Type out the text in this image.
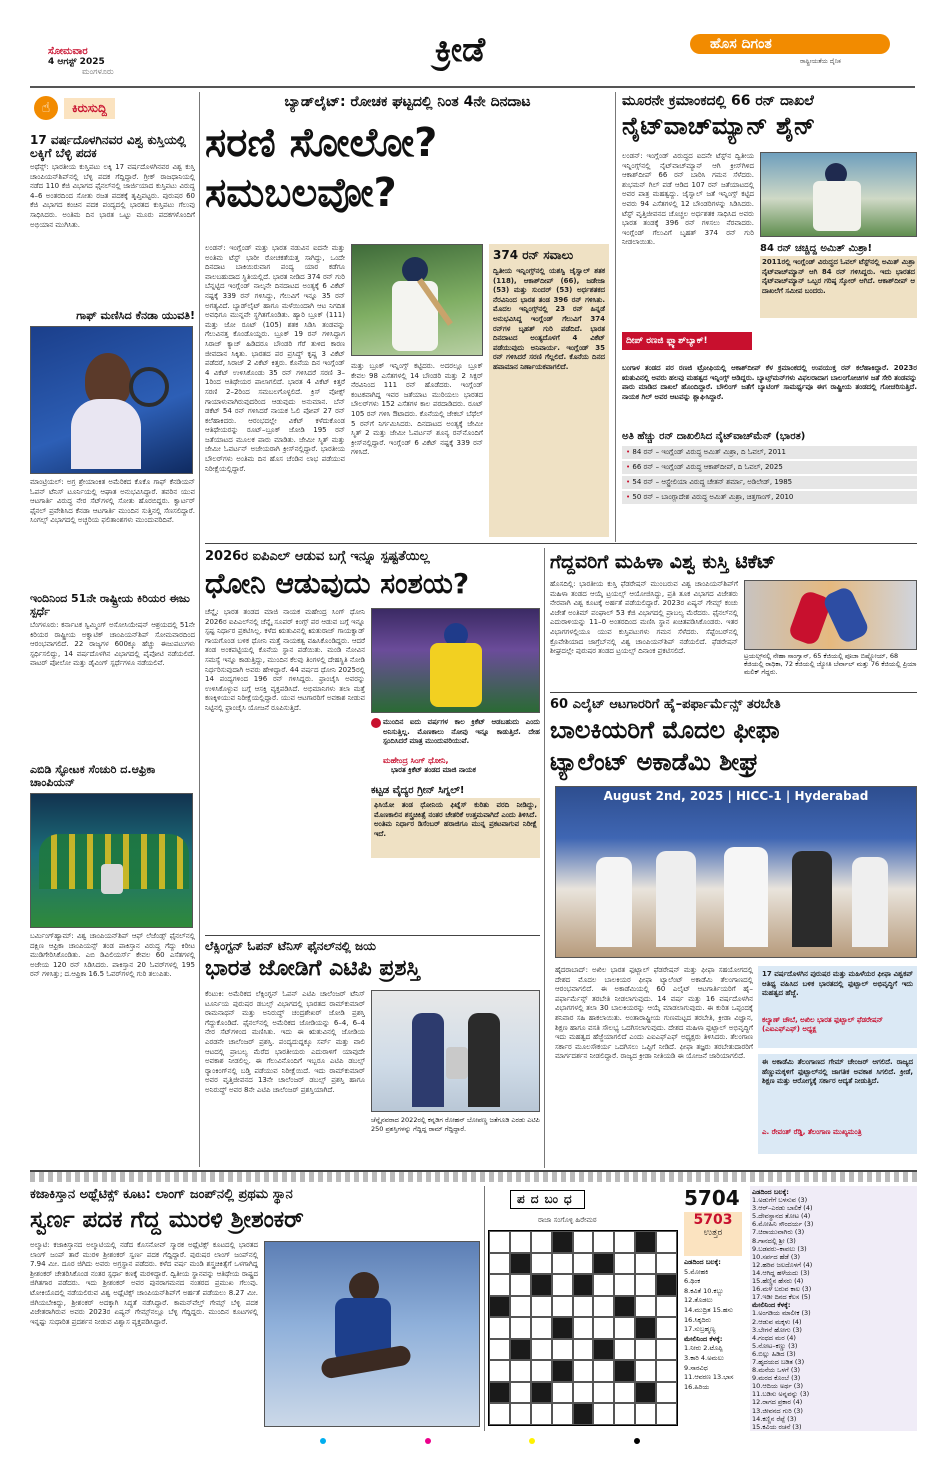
ಸೋಮವಾರ
4 ಆಗಸ್ಟ್ 2025
ಮಂಗಳೂರು
ಕ್ರೀಡೆ	ಹೊಸ ದಿಗಂತ
ರಾಷ್ಟ್ರೀಯತೆಯ ದೈನಿಕ
☝	ಕಿರುಸುದ್ದಿ
17 ವರ್ಷದೊಳಗಿನವರ ವಿಶ್ವ ಕುಸ್ತಿಯಲ್ಲಿ ಲಕ್ಕಿಗೆ ಬೆಳ್ಳಿ ಪದಕ
ಅಥೆನ್ಸ್: ಭಾರತೀಯ ಕುಸ್ತಿಪಟು ಲಕ್ಕಿ 17 ವರ್ಷದೊಳಗಿನವರ ವಿಶ್ವ ಕುಸ್ತಿ ಚಾಂಪಿಯನ್‌ಶಿಪ್‌ನಲ್ಲಿ ಬೆಳ್ಳಿ ಪದಕ ಗೆದ್ದಿದ್ದಾರೆ. ಗ್ರೀಕ್ ರಾಜಧಾನಿಯಲ್ಲಿ ನಡೆದ 110 ಕೆಜಿ ವಿಭಾಗದ ಫೈನಲ್‌ನಲ್ಲಿ ಜಾರ್ಜಿಯಾದ ಕುಸ್ತಿಪಟು ವಿರುದ್ಧ 4–6 ಅಂತರದಿಂದ ಸೋತು ರಜತ ಪದಕಕ್ಕೆ ತೃಪ್ತಿಪಟ್ಟರು. ಪುರುಷರ 60 ಕೆಜಿ ವಿಭಾಗದ ಕಂಚಿನ ಪದಕ ಪಂದ್ಯದಲ್ಲಿ ಭಾರತದ ಕುಸ್ತಿಪಟು ಗೆಲುವು ಸಾಧಿಸಿದರು. ಅಂತಿಮ ದಿನ ಭಾರತ ಒಟ್ಟು ಮೂರು ಪದಕಗಳೊಂದಿಗೆ ಅಭಿಯಾನ ಮುಗಿಸಿತು.
ಗಾಫ್ ಮಣಿಸಿದ ಕೆನಡಾ ಯುವತಿ!
ಮಾಂಟ್ರಿಯಲ್: ಅಗ್ರ ಶ್ರೇಯಾಂಕಿತ ಅಮೆರಿಕದ ಕೊಕೊ ಗಾಫ್ ಕೆನಡಿಯನ್ ಓಪನ್ ಟೆನಿಸ್ ಟೂರ್ನಿಯಲ್ಲಿ ಆಘಾತ ಅನುಭವಿಸಿದ್ದಾರೆ. ತವರಿನ ಯುವ ಆಟಗಾರ್ತಿ ವಿರುದ್ಧ ನೇರ ಸೆಟ್‌ಗಳಲ್ಲಿ ಸೋತು ಹೊರಬಿದ್ದರು. ಕ್ವಾರ್ಟರ್ ಫೈನಲ್ ಪ್ರವೇಶಿಸಿದ ಕೆನಡಾ ಆಟಗಾರ್ತಿ ಮುಂದಿನ ಸುತ್ತಿನಲ್ಲಿ ಸೆಣಸಲಿದ್ದಾರೆ. ಸಿಂಗಲ್ಸ್ ವಿಭಾಗದಲ್ಲಿ ಅಚ್ಚರಿಯ ಫಲಿತಾಂಶಗಳು ಮುಂದುವರಿದಿವೆ.
ಇಂದಿನಿಂದ 51ನೇ ರಾಷ್ಟ್ರೀಯ ಕಿರಿಯರ ಈಜು ಸ್ಪರ್ಧೆ
ಬೆಂಗಳೂರು: ಕರ್ನಾಟಕ ಸ್ವಿಮ್ಮಿಂಗ್ ಅಸೋಸಿಯೇಷನ್ ಆಶ್ರಯದಲ್ಲಿ 51ನೇ ಕಿರಿಯರ ರಾಷ್ಟ್ರೀಯ ಅಕ್ವಾಟಿಕ್ ಚಾಂಪಿಯನ್‌ಶಿಪ್ ಸೋಮವಾರದಿಂದ ಆರಂಭವಾಗಲಿದೆ. 22 ರಾಜ್ಯಗಳ 600ಕ್ಕೂ ಹೆಚ್ಚು ಈಜುಪಟುಗಳು ಸ್ಪರ್ಧಿಸಲಿದ್ದು, 14 ವರ್ಷದೊಳಗಿನ ವಿಭಾಗದಲ್ಲಿ ಪೈಪೋಟಿ ನಡೆಯಲಿದೆ. ವಾಟರ್ ಪೋಲೋ ಮತ್ತು ಡೈವಿಂಗ್ ಸ್ಪರ್ಧೆಗಳೂ ನಡೆಯಲಿವೆ.
ಎಬಿಡಿ ಸ್ಫೋಟಕ ಸೆಂಚುರಿ ದ.ಆಫ್ರಿಕಾ ಚಾಂಪಿಯನ್
ಬರ್ಮಿಂಗ್‌ಹ್ಯಾಮ್: ವಿಶ್ವ ಚಾಂಪಿಯನ್‌ಶಿಪ್ ಆಫ್ ಲೆಜೆಂಡ್ಸ್ ಫೈನಲ್‌ನಲ್ಲಿ ದಕ್ಷಿಣ ಆಫ್ರಿಕಾ ಚಾಂಪಿಯನ್ಸ್ ತಂಡ ಪಾಕಿಸ್ತಾನ ವಿರುದ್ಧ ಗೆದ್ದು ಕಿರೀಟ ಮುಡಿಗೇರಿಸಿಕೊಂಡಿತು. ಎಬಿ ಡಿವಿಲಿಯರ್ಸ್ ಕೇವಲ 60 ಎಸೆತಗಳಲ್ಲಿ ಅಜೇಯ 120 ರನ್ ಸಿಡಿಸಿದರು. ಪಾಕಿಸ್ತಾನ 20 ಓವರ್‌ಗಳಲ್ಲಿ 195 ರನ್ ಗಳಿಸಿತ್ತು; ದ.ಆಫ್ರಿಕಾ 16.5 ಓವರ್‌ಗಳಲ್ಲಿ ಗುರಿ ತಲುಪಿತು.
ಬ್ಯಾಡ್‌ಲೈಟ್: ರೋಚಕ ಘಟ್ಟದಲ್ಲಿ ನಿಂತ 4ನೇ ದಿನದಾಟ
ಸರಣಿ ಸೋಲೋ?
ಸಮಬಲವೋ?
ಲಂಡನ್: ಇಂಗ್ಲೆಂಡ್ ಮತ್ತು ಭಾರತ ನಡುವಿನ ಐದನೇ ಮತ್ತು ಅಂತಿಮ ಟೆಸ್ಟ್ ಭಾರೀ ರೋಚಕತೆಯತ್ತ ಸಾಗಿದ್ದು, ಒಂದೇ ದಿನದಾಟ ಬಾಕಿಯಿರುವಾಗ ಪಂದ್ಯ ಯಾರ ಕಡೆಗೂ ವಾಲಬಹುದಾದ ಸ್ಥಿತಿಯಲ್ಲಿದೆ. ಭಾರತ ನೀಡಿದ 374 ರನ್ ಗುರಿ ಬೆನ್ನಟ್ಟಿದ ಇಂಗ್ಲೆಂಡ್ ನಾಲ್ಕನೇ ದಿನದಾಟದ ಅಂತ್ಯಕ್ಕೆ 6 ವಿಕೆಟ್ ನಷ್ಟಕ್ಕೆ 339 ರನ್ ಗಳಿಸಿದ್ದು, ಗೆಲುವಿಗೆ ಇನ್ನೂ 35 ರನ್ ಅಗತ್ಯವಿದೆ. ಬ್ಯಾಡ್‌ಲೈಟ್ ಹಾಗೂ ಮಳೆಯಿಂದಾಗಿ ಆಟ ನಿಗದಿತ ಅವಧಿಗೂ ಮುನ್ನವೇ ಸ್ಥಗಿತಗೊಂಡಿತು. ಹ್ಯಾರಿ ಬ್ರೂಕ್ (111) ಮತ್ತು ಜೋ ರೂಟ್ (105) ಶತಕ ಸಿಡಿಸಿ ತಂಡವನ್ನು ಗೆಲುವಿನತ್ತ ಕೊಂಡೊಯ್ದರು. ಬ್ರೂಕ್ 19 ರನ್ ಗಳಿಸಿದ್ದಾಗ ಸಿರಾಜ್ ಕ್ಯಾಚ್ ಹಿಡಿದರೂ ಬೌಂಡರಿ ಗೆರೆ ತುಳಿದ ಕಾರಣ ಜೀವದಾನ ಸಿಕ್ಕಿತು. ಭಾರತದ ಪರ ಪ್ರಸಿದ್ಧ್ ಕೃಷ್ಣ 3 ವಿಕೆಟ್ ಪಡೆದರೆ, ಸಿರಾಜ್ 2 ವಿಕೆಟ್ ಕಿತ್ತರು. ಕೊನೆಯ ದಿನ ಇಂಗ್ಲೆಂಡ್ 4 ವಿಕೆಟ್ ಉಳಿಸಿಕೊಂಡು 35 ರನ್ ಗಳಿಸಿದರೆ ಸರಣಿ 3–1ರಿಂದ ಆತಿಥೇಯರ ಪಾಲಾಗಲಿದೆ. ಭಾರತ 4 ವಿಕೆಟ್ ಕಿತ್ತರೆ ಸರಣಿ 2–2ರಿಂದ ಸಮಬಲಗೊಳ್ಳಲಿದೆ. ಕ್ರಿಸ್ ವೋಕ್ಸ್ ಗಾಯಾಳುವಾಗಿರುವುದರಿಂದ ಆಡುವುದು ಅನುಮಾನ. ಬೆನ್ ಡಕೆಟ್ 54 ರನ್ ಗಳಿಸಿದರೆ ನಾಯಕ ಓಲಿ ಪೋಪ್ 27 ರನ್ ಕಲೆಹಾಕಿದರು. ಆರಂಭದಲ್ಲೇ ವಿಕೆಟ್ ಕಳೆದುಕೊಂಡ ಆತಿಥೇಯರನ್ನು ರೂಟ್–ಬ್ರೂಕ್ ಜೋಡಿ 195 ರನ್ ಜತೆಯಾಟದ ಮೂಲಕ ಪಾರು ಮಾಡಿತು. ಜೇಮೀ ಸ್ಮಿತ್ ಮತ್ತು ಜೇಮೀ ಓವರ್ಟನ್ ಅಜೇಯರಾಗಿ ಕ್ರೀಸ್‌ನಲ್ಲಿದ್ದಾರೆ. ಭಾರತೀಯ ಬೌಲರ್‌ಗಳು ಅಂತಿಮ ದಿನ ಹೊಸ ಚೆಂಡಿನ ಲಾಭ ಪಡೆಯುವ ನಿರೀಕ್ಷೆಯಲ್ಲಿದ್ದಾರೆ.
ಮತ್ತು ಬ್ರೂಕ್ ಇನ್ನಿಂಗ್ಸ್ ಕಟ್ಟಿದರು. ಅದರಲ್ಲೂ ಬ್ರೂಕ್ ಕೇವಲ 98 ಎಸೆತಗಳಲ್ಲಿ 14 ಬೌಂಡರಿ ಮತ್ತು 2 ಸಿಕ್ಸರ್ ನೆರವಿನಿಂದ 111 ರನ್ ಹೊಡೆದರು. ಇಂಗ್ಲೆಂಡ್ ಕಂಟಕವಾಗಿದ್ದ ಇವರ ಜತೆಯಾಟ ಮುರಿಯಲು ಭಾರತದ ಬೌಲರ್‌ಗಳು 152 ಎಸೆತಗಳ ಕಾಲ ಪರದಾಡಿದರು. ರೂಟ್ 105 ರನ್ ಗಳಿಸಿ ಔಟಾದರು. ಕೊನೆಯಲ್ಲಿ ಜೇಕಬ್ ಬೆಥೆಲ್ 5 ರನ್‌ಗೆ ನಿರ್ಗಮಿಸಿದರು. ದಿನದಾಟದ ಅಂತ್ಯಕ್ಕೆ ಜೇಮೀ ಸ್ಮಿತ್ 2 ಮತ್ತು ಜೇಮೀ ಓವರ್ಟನ್ ಶೂನ್ಯ ರನ್‌ನೊಂದಿಗೆ ಕ್ರೀಸ್‌ನಲ್ಲಿದ್ದಾರೆ. ಇಂಗ್ಲೆಂಡ್ 6 ವಿಕೆಟ್ ನಷ್ಟಕ್ಕೆ 339 ರನ್ ಗಳಿಸಿದೆ.
374 ರನ್ ಸವಾಲು
ದ್ವಿತೀಯ ಇನ್ನಿಂಗ್ಸ್‌ನಲ್ಲಿ ಯಶಸ್ವಿ ಜೈಸ್ವಾಲ್ ಶತಕ (118), ಆಕಾಶ್‌ದೀಪ್ (66), ಜಡೇಜಾ (53) ಮತ್ತು ಸುಂದರ್ (53) ಅರ್ಧಶತಕದ ನೆರವಿನಿಂದ ಭಾರತ ತಂಡ 396 ರನ್ ಗಳಿಸಿತು. ಮೊದಲ ಇನ್ನಿಂಗ್ಸ್‌ನಲ್ಲಿ 23 ರನ್ ಹಿನ್ನಡೆ ಅನುಭವಿಸಿದ್ದ ಇಂಗ್ಲೆಂಡ್ ಗೆಲುವಿಗೆ 374 ರನ್‌ಗಳ ಬೃಹತ್ ಗುರಿ ಪಡೆದಿದೆ. ಭಾರತ ದಿನದಾಟದ ಅಂತ್ಯದೊಳಗೆ 4 ವಿಕೆಟ್ ಪಡೆಯುವುದು ಅನಿವಾರ್ಯ. ಇಂಗ್ಲೆಂಡ್ 35 ರನ್ ಗಳಿಸಿದರೆ ಸರಣಿ ಗೆಲ್ಲಲಿದೆ. ಕೊನೆಯ ದಿನದ ಹವಾಮಾನ ನಿರ್ಣಾಯಕವಾಗಲಿದೆ.
ಮೂರನೇ ಕ್ರಮಾಂಕದಲ್ಲಿ 66 ರನ್ ದಾಖಲೆ
ನೈಟ್‌ವಾಚ್‌ಮ್ಯಾನ್ ಶೈನ್
ಲಂಡನ್: ಇಂಗ್ಲೆಂಡ್ ವಿರುದ್ಧದ ಐದನೇ ಟೆಸ್ಟ್‌ನ ದ್ವಿತೀಯ ಇನ್ನಿಂಗ್ಸ್‌ನಲ್ಲಿ ನೈಟ್‌ವಾಚ್‌ಮ್ಯಾನ್ ಆಗಿ ಕ್ರೀಸ್‌ಗಿಳಿದ ಆಕಾಶ್‌ದೀಪ್ 66 ರನ್ ಬಾರಿಸಿ ಗಮನ ಸೆಳೆದರು. ಶುಭಮನ್ ಗಿಲ್ ಪಡೆ ಆಡಿದ 107 ರನ್ ಜತೆಯಾಟದಲ್ಲಿ ಅವರ ಪಾತ್ರ ಮಹತ್ವದ್ದು. ಜೈಸ್ವಾಲ್ ಜತೆ ಇನ್ನಿಂಗ್ಸ್ ಕಟ್ಟಿದ ಅವರು 94 ಎಸೆತಗಳಲ್ಲಿ 12 ಬೌಂಡರಿಗಳನ್ನು ಸಿಡಿಸಿದರು. ಟೆಸ್ಟ್ ವೃತ್ತಿಜೀವನದ ಚೊಚ್ಚಲ ಅರ್ಧಶತಕ ಸಾಧಿಸಿದ ಅವರು ಭಾರತ ತಂಡಕ್ಕೆ 396 ರನ್ ಗಳಿಸಲು ನೆರವಾದರು. ಇಂಗ್ಲೆಂಡ್ ಗೆಲುವಿಗೆ ಬೃಹತ್ 374 ರನ್ ಗುರಿ ನೀಡಲಾಯಿತು.
84 ರನ್ ಚಚ್ಚಿದ್ದ ಅಮಿತ್ ಮಿಶ್ರಾ!
2011ರಲ್ಲಿ ಇಂಗ್ಲೆಂಡ್ ವಿರುದ್ಧದ ಓವಲ್ ಟೆಸ್ಟ್‌ನಲ್ಲಿ ಅಮಿತ್ ಮಿಶ್ರಾ ನೈಟ್‌ವಾಚ್‌ಮ್ಯಾನ್ ಆಗಿ 84 ರನ್ ಗಳಿಸಿದ್ದರು. ಇದು ಭಾರತದ ನೈಟ್‌ವಾಚ್‌ಮ್ಯಾನ್ ಒಬ್ಬರ ಗರಿಷ್ಠ ಸ್ಕೋರ್ ಆಗಿದೆ. ಆಕಾಶ್‌ದೀಪ್ ಆ ದಾಖಲೆಗೆ ಸಮೀಪ ಬಂದರು.
ದೀಪ್ ರಣಜಿ ಫ್ಲ್ಯಾಶ್‌ಬ್ಯಾಕ್!
ಬಂಗಾಳ ತಂಡದ ಪರ ರಣಜಿ ಟ್ರೋಫಿಯಲ್ಲಿ ಆಕಾಶ್‌ದೀಪ್ ಕೆಳ ಕ್ರಮಾಂಕದಲ್ಲಿ ಉಪಯುಕ್ತ ರನ್ ಕಲೆಹಾಕಿದ್ದಾರೆ. 2023ರ ಋತುವಿನಲ್ಲಿ ಅವರು ಹಲವು ಮಹತ್ವದ ಇನ್ನಿಂಗ್ಸ್ ಆಡಿದ್ದರು. ಬ್ಯಾಟ್ಸ್‌ಮನ್‌ಗಳು ವಿಫಲರಾದಾಗ ಬಾಲಂಗೋಚಿಗಳ ಜತೆ ಸೇರಿ ತಂಡವನ್ನು ಪಾರು ಮಾಡಿದ ದಾಖಲೆ ಹೊಂದಿದ್ದಾರೆ. ಬೌಲಿಂಗ್ ಜತೆಗೆ ಬ್ಯಾಟಿಂಗ್ ಸಾಮರ್ಥ್ಯವೂ ಈಗ ರಾಷ್ಟ್ರೀಯ ತಂಡದಲ್ಲಿ ಗೋಚರಿಸುತ್ತಿದೆ. ನಾಯಕ ಗಿಲ್ ಅವರ ಆಟವನ್ನು ಶ್ಲಾಘಿಸಿದ್ದಾರೆ.
ಅತಿ ಹೆಚ್ಚು ರನ್ ದಾಖಲಿಸಿದ ನೈಟ್‌ವಾಚ್‌ಮೆನ್ (ಭಾರತ)
• 84 ರನ್ – ಇಂಗ್ಲೆಂಡ್ ವಿರುದ್ಧ ಅಮಿತ್ ಮಿಶ್ರಾ, ದಿ ಓವಲ್, 2011
• 66 ರನ್ – ಇಂಗ್ಲೆಂಡ್ ವಿರುದ್ಧ ಆಕಾಶ್‌ದೀಪ್, ದಿ ಓವಲ್, 2025
• 54 ರನ್ – ಆಸ್ಟ್ರೇಲಿಯಾ ವಿರುದ್ಧ ಚೇತನ್ ಶರ್ಮಾ, ಅಡಿಲೇಡ್, 1985
• 50 ರನ್ – ಬಾಂಗ್ಲಾದೇಶ ವಿರುದ್ಧ ಅಮಿತ್ ಮಿಶ್ರಾ, ಚಿತ್ತಗಾಂಗ್, 2010
2026ರ ಐಪಿಎಲ್ ಆಡುವ ಬಗ್ಗೆ ಇನ್ನೂ ಸ್ಪಷ್ಟತೆಯಿಲ್ಲ
ಧೋನಿ ಆಡುವುದು ಸಂಶಯ?
ಚೆನ್ನೈ: ಭಾರತ ತಂಡದ ಮಾಜಿ ನಾಯಕ ಮಹೇಂದ್ರ ಸಿಂಗ್ ಧೋನಿ 2026ರ ಐಪಿಎಲ್‌ನಲ್ಲಿ ಚೆನ್ನೈ ಸೂಪರ್ ಕಿಂಗ್ಸ್ ಪರ ಆಡುವ ಬಗ್ಗೆ ಇನ್ನೂ ಸ್ಪಷ್ಟ ನಿರ್ಧಾರ ಪ್ರಕಟಿಸಿಲ್ಲ. ಕಳೆದ ಋತುವಿನಲ್ಲಿ ಋತುರಾಜ್ ಗಾಯಕ್ವಾಡ್ ಗಾಯಗೊಂಡ ಬಳಿಕ ಧೋನಿ ಮತ್ತೆ ನಾಯಕತ್ವ ವಹಿಸಿಕೊಂಡಿದ್ದರು. ಆದರೆ ತಂಡ ಅಂಕಪಟ್ಟಿಯಲ್ಲಿ ಕೊನೆಯ ಸ್ಥಾನ ಪಡೆಯಿತು. ಮಂಡಿ ನೋವಿನ ಸಮಸ್ಯೆ ಇನ್ನೂ ಕಾಡುತ್ತಿದ್ದು, ಮುಂದಿನ ಕೆಲವು ತಿಂಗಳಲ್ಲಿ ದೇಹಸ್ಥಿತಿ ನೋಡಿ ನಿರ್ಧರಿಸುವುದಾಗಿ ಅವರು ಹೇಳಿದ್ದಾರೆ. 44 ವರ್ಷದ ಧೋನಿ 2025ರಲ್ಲಿ 14 ಪಂದ್ಯಗಳಿಂದ 196 ರನ್ ಗಳಿಸಿದ್ದರು. ಫ್ರಾಂಚೈಸಿ ಅವರನ್ನು ಉಳಿಸಿಕೊಳ್ಳುವ ಬಗ್ಗೆ ಆಸಕ್ತಿ ವ್ಯಕ್ತಪಡಿಸಿದೆ. ಅಭಿಮಾನಿಗಳು ತಲಾ ಮತ್ತೆ ಕಣಕ್ಕಿಳಿಯುವ ನಿರೀಕ್ಷೆಯಲ್ಲಿದ್ದಾರೆ. ಯುವ ಆಟಗಾರರಿಗೆ ಅವಕಾಶ ನೀಡುವ ನಿಟ್ಟಿನಲ್ಲಿ ಫ್ರಾಂಚೈಸಿ ಯೋಜನೆ ರೂಪಿಸುತ್ತಿದೆ.
ಮುಂದಿನ ಐದು ವರ್ಷಗಳ ಕಾಲ ಕ್ರಿಕೆಟ್ ಆಡಬಹುದು ಎಂದು ಅನಿಸುತ್ತಿಲ್ಲ. ಮೊಣಕಾಲು ನೋವು ಇನ್ನೂ ಕಾಡುತ್ತಿದೆ. ದೇಹ ಸ್ಪಂದಿಸಿದರೆ ಮಾತ್ರ ಮುಂದುವರಿಯುವೆ.
ಮಹೇಂದ್ರ ಸಿಂಗ್ ಧೋನಿ,
ಭಾರತ ಕ್ರಿಕೆಟ್ ತಂಡದ ಮಾಜಿ ನಾಯಕ
ಕಟ್ಟಡ ವೈದ್ಯರ ಗ್ರೀನ್ ಸಿಗ್ನಲ್!
ಫಿಸಿಯೋ ತಂಡ ಧೋನಿಯ ಫಿಟ್ನೆಸ್ ಕುರಿತು ವರದಿ ನೀಡಿದ್ದು, ಮೊಣಕಾಲಿನ ಶಸ್ತ್ರಚಿಕಿತ್ಸೆ ನಂತರ ಚೇತರಿಕೆ ಉತ್ತಮವಾಗಿದೆ ಎಂದು ತಿಳಿಸಿದೆ. ಅಂತಿಮ ನಿರ್ಧಾರ ಡಿಸೆಂಬರ್ ಹರಾಜಿಗೂ ಮುನ್ನ ಪ್ರಕಟವಾಗುವ ನಿರೀಕ್ಷೆ ಇದೆ.
ಗೆದ್ದವರಿಗೆ ಮಹಿಳಾ ವಿಶ್ವ ಕುಸ್ತಿ ಟಿಕೆಟ್
ಹೊಸದಿಲ್ಲಿ: ಭಾರತೀಯ ಕುಸ್ತಿ ಫೆಡರೇಷನ್ ಮುಂಬರುವ ವಿಶ್ವ ಚಾಂಪಿಯನ್‌ಶಿಪ್‌ಗೆ ಮಹಿಳಾ ತಂಡದ ಆಯ್ಕೆ ಟ್ರಯಲ್ಸ್ ಆಯೋಜಿಸಿದ್ದು, ಪ್ರತಿ ತೂಕ ವಿಭಾಗದ ವಿಜೇತರು ನೇರವಾಗಿ ವಿಶ್ವ ಕೂಟಕ್ಕೆ ಅರ್ಹತೆ ಪಡೆಯಲಿದ್ದಾರೆ. 2023ರ ಏಷ್ಯನ್ ಗೇಮ್ಸ್ ಕಂಚು ವಿಜೇತೆ ಅಂತಿಮ್ ಪಂಘಾಲ್ 53 ಕೆಜಿ ವಿಭಾಗದಲ್ಲಿ ಪ್ರಾಬಲ್ಯ ಮೆರೆದರು. ಫೈನಲ್‌ನಲ್ಲಿ ಎದುರಾಳಿಯನ್ನು 11–0 ಅಂತರದಿಂದ ಮಣಿಸಿ ಸ್ಥಾನ ಖಚಿತಪಡಿಸಿಕೊಂಡರು. ಇತರ ವಿಭಾಗಗಳಲ್ಲಿಯೂ ಯುವ ಕುಸ್ತಿಪಟುಗಳು ಗಮನ ಸೆಳೆದರು. ಸೆಪ್ಟೆಂಬರ್‌ನಲ್ಲಿ ಕ್ರೊವೇಶಿಯಾದ ಜಾಗ್ರೆಬ್‌ನಲ್ಲಿ ವಿಶ್ವ ಚಾಂಪಿಯನ್‌ಶಿಪ್ ನಡೆಯಲಿದೆ. ಫೆಡರೇಷನ್ ಶೀಘ್ರದಲ್ಲೇ ಪುರುಷರ ತಂಡದ ಟ್ರಯಲ್ಸ್ ದಿನಾಂಕ ಪ್ರಕಟಿಸಲಿದೆ.
ಟ್ರಯಲ್ಸ್‌ನಲ್ಲಿ ನೇಹಾ ಸಾಂಗ್ವಾನ್, 65 ಕೆಜಿಯಲ್ಲಿ ಪೂಜಾ ಬಿಷ್ಣೋಯ್, 68 ಕೆಜಿಯಲ್ಲಿ ರಾಧಿಕಾ, 72 ಕೆಜಿಯಲ್ಲಿ ಜ್ಯೋತಿ ಬೆರ್ವಾಲ್ ಮತ್ತು 76 ಕೆಜಿಯಲ್ಲಿ ಪ್ರಿಯಾ ಮಲಿಕ್ ಗೆದ್ದರು.
60 ಎಲೈಟ್ ಆಟಗಾರರಿಗೆ ಹೈ–ಪರ್ಫಾರ್ಮೆನ್ಸ್ ತರಬೇತಿ
ಬಾಲಕಿಯರಿಗೆ ಮೊದಲ ಫೀಫಾ
ಟ್ಯಾಲೆಂಟ್ ಅಕಾಡೆಮಿ ಶೀಘ್ರ
August 2nd, 2025 | HICC-1 | Hyderabad
ಹೈದರಾಬಾದ್: ಅಖಿಲ ಭಾರತ ಫುಟ್ಬಾಲ್ ಫೆಡರೇಷನ್ ಮತ್ತು ಫೀಫಾ ಸಹಯೋಗದಲ್ಲಿ ದೇಶದ ಮೊದಲ ಬಾಲಕಿಯರ ಫೀಫಾ ಟ್ಯಾಲೆಂಟ್ ಅಕಾಡೆಮಿ ತೆಲಂಗಾಣದಲ್ಲಿ ಆರಂಭವಾಗಲಿದೆ. ಈ ಅಕಾಡೆಮಿಯಲ್ಲಿ 60 ಎಲೈಟ್ ಆಟಗಾರ್ತಿಯರಿಗೆ ಹೈ–ಪರ್ಫಾರ್ಮೆನ್ಸ್ ತರಬೇತಿ ನೀಡಲಾಗುವುದು. 14 ವರ್ಷ ಮತ್ತು 16 ವರ್ಷದೊಳಗಿನ ವಿಭಾಗಗಳಲ್ಲಿ ತಲಾ 30 ಬಾಲಕಿಯರನ್ನು ಆಯ್ಕೆ ಮಾಡಲಾಗುವುದು. ಈ ಕುರಿತ ಒಪ್ಪಂದಕ್ಕೆ ಶನಿವಾರ ಸಹಿ ಹಾಕಲಾಯಿತು. ಅಂತಾರಾಷ್ಟ್ರೀಯ ಗುಣಮಟ್ಟದ ತರಬೇತಿ, ಕ್ರೀಡಾ ವಿಜ್ಞಾನ, ಶಿಕ್ಷಣ ಹಾಗೂ ವಸತಿ ಸೌಲಭ್ಯ ಒದಗಿಸಲಾಗುವುದು. ದೇಶದ ಮಹಿಳಾ ಫುಟ್ಬಾಲ್ ಅಭಿವೃದ್ಧಿಗೆ ಇದು ಮಹತ್ವದ ಹೆಜ್ಜೆಯಾಗಲಿದೆ ಎಂದು ಎಐಎಫ್‌ಎಫ್ ಅಧ್ಯಕ್ಷರು ತಿಳಿಸಿದರು. ತೆಲಂಗಾಣ ಸರ್ಕಾರ ಮೂಲಸೌಕರ್ಯ ಒದಗಿಸಲು ಒಪ್ಪಿಗೆ ನೀಡಿದೆ. ಫೀಫಾ ತಜ್ಞರು ತರಬೇತುದಾರರಿಗೆ ಮಾರ್ಗದರ್ಶನ ನೀಡಲಿದ್ದಾರೆ. ರಾಜ್ಯದ ಕ್ರೀಡಾ ನೀತಿಯಡಿ ಈ ಯೋಜನೆ ಜಾರಿಯಾಗಲಿದೆ.
17 ವರ್ಷದೊಳಗಿನ ಪುರುಷರ ಮತ್ತು ಮಹಿಳೆಯರ ಫೀಫಾ ವಿಶ್ವಕಪ್ ಆತಿಥ್ಯ ವಹಿಸಿದ ಬಳಿಕ ಭಾರತದಲ್ಲಿ ಫುಟ್ಬಾಲ್ ಅಭಿವೃದ್ಧಿಗೆ ಇದು ಮಹತ್ವದ ಹೆಜ್ಜೆ.
ಕಲ್ಯಾಣ್ ಚೌಬೆ, ಅಖಿಲ ಭಾರತ ಫುಟ್ಬಾಲ್ ಫೆಡರೇಷನ್ (ಎಐಎಫ್‌ಎಫ್) ಅಧ್ಯಕ್ಷ
ಈ ಅಕಾಡೆಮಿ ತೆಲಂಗಾಣದ ಗೇಮ್ ಚೇಂಜರ್ ಆಗಲಿದೆ. ರಾಜ್ಯದ ಹೆಣ್ಣುಮಕ್ಕಳಿಗೆ ಫುಟ್ಬಾಲ್‌ನಲ್ಲಿ ಜಾಗತಿಕ ಅವಕಾಶ ಸಿಗಲಿದೆ. ಕ್ರೀಡೆ, ಶಿಕ್ಷಣ ಮತ್ತು ಆರೋಗ್ಯಕ್ಕೆ ಸರ್ಕಾರ ಆದ್ಯತೆ ನೀಡುತ್ತಿದೆ.
ಎ. ರೇವಂತ್ ರೆಡ್ಡಿ, ತೆಲಂಗಾಣ ಮುಖ್ಯಮಂತ್ರಿ
ಲೆಕ್ಸಿಂಗ್ಟನ್ ಓಪನ್ ಟೆನಿಸ್ ಫೈನಲ್‌ನಲ್ಲಿ ಜಯ
ಭಾರತ ಜೋಡಿಗೆ ಎಟಿಪಿ ಪ್ರಶಸ್ತಿ
ಕೆಂಟುಕಿ: ಅಮೆರಿಕದ ಲೆಕ್ಸಿಂಗ್ಟನ್ ಓಪನ್ ಎಟಿಪಿ ಚಾಲೆಂಜರ್ ಟೆನಿಸ್ ಟೂರ್ನಿಯ ಪುರುಷರ ಡಬಲ್ಸ್ ವಿಭಾಗದಲ್ಲಿ ಭಾರತದ ರಾಮ್‌ಕುಮಾರ್ ರಾಮನಾಥನ್ ಮತ್ತು ಅನಿರುದ್ಧ್ ಚಂದ್ರಶೇಖರ್ ಜೋಡಿ ಪ್ರಶಸ್ತಿ ಗೆದ್ದುಕೊಂಡಿದೆ. ಫೈನಲ್‌ನಲ್ಲಿ ಅಮೆರಿಕದ ಜೋಡಿಯನ್ನು 6–4, 6–4 ನೇರ ಸೆಟ್‌ಗಳಿಂದ ಮಣಿಸಿತು. ಇದು ಈ ಋತುವಿನಲ್ಲಿ ಜೋಡಿಯ ಎರಡನೇ ಚಾಲೆಂಜರ್ ಪ್ರಶಸ್ತಿ. ಪಂದ್ಯದುದ್ದಕ್ಕೂ ಸರ್ವ್ ಮತ್ತು ವಾಲಿ ಆಟದಲ್ಲಿ ಪ್ರಾಬಲ್ಯ ಮೆರೆದ ಭಾರತೀಯರು ಎದುರಾಳಿಗೆ ಯಾವುದೇ ಅವಕಾಶ ನೀಡಲಿಲ್ಲ. ಈ ಗೆಲುವಿನೊಂದಿಗೆ ಇಬ್ಬರೂ ಎಟಿಪಿ ಡಬಲ್ಸ್ ರ‍್ಯಾಂಕಿಂಗ್‌ನಲ್ಲಿ ಬಡ್ತಿ ಪಡೆಯುವ ನಿರೀಕ್ಷೆಯಿದೆ. ಇದು ರಾಮ್‌ಕುಮಾರ್ ಅವರ ವೃತ್ತಿಜೀವನದ 13ನೇ ಚಾಲೆಂಜರ್ ಡಬಲ್ಸ್ ಪ್ರಶಸ್ತಿ ಹಾಗೂ ಅನಿರುದ್ಧ್ ಅವರ 8ನೇ ಎಟಿಪಿ ಚಾಲೆಂಜರ್ ಪ್ರಶಸ್ತಿಯಾಗಿದೆ.
ಚೆನ್ನೈನವರಾದ 2022ರಲ್ಲಿ ಕನ್ನಡಿಗ ರೋಹನ್ ಬೋಪಣ್ಣ ಜತೆಗೂಡಿ ಎರಡು ಎಟಿಪಿ 250 ಪ್ರಶಸ್ತಿಗಳನ್ನು ಗೆದ್ದಿದ್ದ ರಾಮ್ ಗೆದ್ದಿದ್ದಾರೆ.
ಕಜಾಕಿಸ್ತಾನ ಅಥ್ಲೆಟಿಕ್ಸ್ ಕೂಟ: ಲಾಂಗ್ ಜಂಪ್‌ನಲ್ಲಿ ಪ್ರಥಮ ಸ್ಥಾನ
ಸ್ವರ್ಣ ಪದಕ ಗೆದ್ದ ಮುರಳಿ ಶ್ರೀಶಂಕರ್
ಅಲ್ಮಾಟಿ: ಕಜಾಕಿಸ್ತಾನದ ಅಲ್ಮಾಟಿಯಲ್ಲಿ ನಡೆದ ಕೊಸನೋವ್ ಸ್ಮಾರಕ ಅಥ್ಲೆಟಿಕ್ಸ್ ಕೂಟದಲ್ಲಿ ಭಾರತದ ಲಾಂಗ್ ಜಂಪ್ ತಾರೆ ಮುರಳಿ ಶ್ರೀಶಂಕರ್ ಸ್ವರ್ಣ ಪದಕ ಗೆದ್ದಿದ್ದಾರೆ. ಪುರುಷರ ಲಾಂಗ್ ಜಂಪ್‌ನಲ್ಲಿ 7.94 ಮೀ. ದೂರ ಜಿಗಿದು ಅವರು ಅಗ್ರಸ್ಥಾನ ಪಡೆದರು. ಕಳೆದ ವರ್ಷ ಮಂಡಿ ಶಸ್ತ್ರಚಿಕಿತ್ಸೆಗೆ ಒಳಗಾಗಿದ್ದ ಶ್ರೀಶಂಕರ್ ಚೇತರಿಸಿಕೊಂಡ ನಂತರ ಸ್ಪರ್ಧಾ ಕಣಕ್ಕೆ ಮರಳಿದ್ದಾರೆ. ದ್ವಿತೀಯ ಸ್ಥಾನವನ್ನು ಆತಿಥೇಯ ರಾಷ್ಟ್ರದ ಜಿಗಿತಗಾರ ಪಡೆದರು. ಇದು ಶ್ರೀಶಂಕರ್ ಅವರ ಪುನರಾಗಮನದ ನಂತರದ ಪ್ರಮುಖ ಗೆಲುವು. ಟೋಕಿಯೊದಲ್ಲಿ ನಡೆಯಲಿರುವ ವಿಶ್ವ ಅಥ್ಲೆಟಿಕ್ಸ್ ಚಾಂಪಿಯನ್‌ಶಿಪ್‌ಗೆ ಅರ್ಹತೆ ಪಡೆಯಲು 8.27 ಮೀ. ಜಿಗಿಯಬೇಕಿದ್ದು, ಶ್ರೀಶಂಕರ್ ಅದಕ್ಕಾಗಿ ಸಿದ್ಧತೆ ನಡೆಸಿದ್ದಾರೆ. ಕಾಮನ್‌ವೆಲ್ತ್ ಗೇಮ್ಸ್ ಬೆಳ್ಳಿ ಪದಕ ವಿಜೇತರಾಗಿರುವ ಅವರು 2023ರ ಏಷ್ಯನ್ ಗೇಮ್ಸ್‌ನಲ್ಲೂ ಬೆಳ್ಳಿ ಗೆದ್ದಿದ್ದರು. ಮುಂದಿನ ಕೂಟಗಳಲ್ಲಿ ಇನ್ನಷ್ಟು ಸುಧಾರಿತ ಪ್ರದರ್ಶನ ನೀಡುವ ವಿಶ್ವಾಸ ವ್ಯಕ್ತಪಡಿಸಿದ್ದಾರೆ.
ಪದಬಂಧ
ರಾಜಾ ಸಂಗೊಳ್ಳಿ ಹಿರೇಮಠ
5704
5703
ಉತ್ತರ
ಎಡದಿಂದ ಬಲಕ್ಕೆ:
5.ಮೋಹಕಿ
6.ಥಿಂಕ
8.ಕವಿತೆ 10.ಕಬ್ಬು
12.ತೊಡಲು
14.ಮುದ್ರಿತ 15.ಹಸು
16.ಸಿಕ್ಕದಿರು
17.ಸುಬ್ರಹ್ಮಣ್ಯ
ಮೇಲಿನಿಂದ ಕೆಳಕ್ಕೆ:
1.ನೀರು 2.ಟೊಪ್ಪಿ
3.ಕಾರಿ 4.ಅಮಲು
9.ಸಾರವಿಧ
11.ಆವರಣ 13.ಭಾಸ
16.ಹಿರಿಯ
ಎಡದಿಂದ ಬಲಕ್ಕೆ:
1.ಅಡುಗೆಗೆ ಬಳಸುವ (3)
3.ಆರ್–ಎರಡು ಬಾಲಿಕೆ (4)
5.ದೇವಸ್ಥಾನದ ತೋಟ (4)
6.ಮೋಹಿನಿ ಸೌಂದರ್ಯ (3)
7.ಚಿರಾಯುವಾಗಿರು (3)
8.ಗಾನದಲ್ಲಿ ಶ್ರೀ (3)
9.ಬಡವರು–ಕಾವಲು (3)
10.ಸರ್ಪದ ಹೆಡೆ (3)
12.ಹರಿವ ಜಲದೊಳಗೆ (4)
14.ಆಗಿದ್ದ ಹಳೆಯದು (3)
15.ಹೆಣ್ಣಿನ ಹೆಸರು (4)
16.ಮಳೆ ಬರುವ ಕಾಲ (3)
17.ಇಡೀ ದಿನದ ಕೆಲಸ (5)
ಮೇಲಿನಿಂದ ಕೆಳಕ್ಕೆ:
1.ಅಂಗಡಿಯ ಮಾಲೀಕ (3)
2.ಆಡುವ ಮಕ್ಕಳು (4)
3.ಬೇಗನೆ ಹೋಗು (3)
4.ಗಂಧದ ಮರ (4)
5.ನೋಟ–ಕಣ್ಣು (3)
6.ಬಿಲ್ಲು ಹಿಡಿದ (3)
7.ಹೃದಯದ ಬಡಿತ (3)
8.ಮನೆಯ ಒಳಗೆ (3)
9.ಮರದ ಕೊಂಬೆ (3)
10.ಆದಿಯ ಅರ್ಥ (3)
11.ಬಡಿಸು ಅನ್ನವನ್ನು (3)
12.ರಾಗದ ಪ್ರಕಾರ (4)
13.ಜೀವನದ ಗುರಿ (3)
14.ಕಣ್ಣಿನ ರೆಪ್ಪೆ (3)
15.ಕವಿಯ ರಚನೆ (3)
